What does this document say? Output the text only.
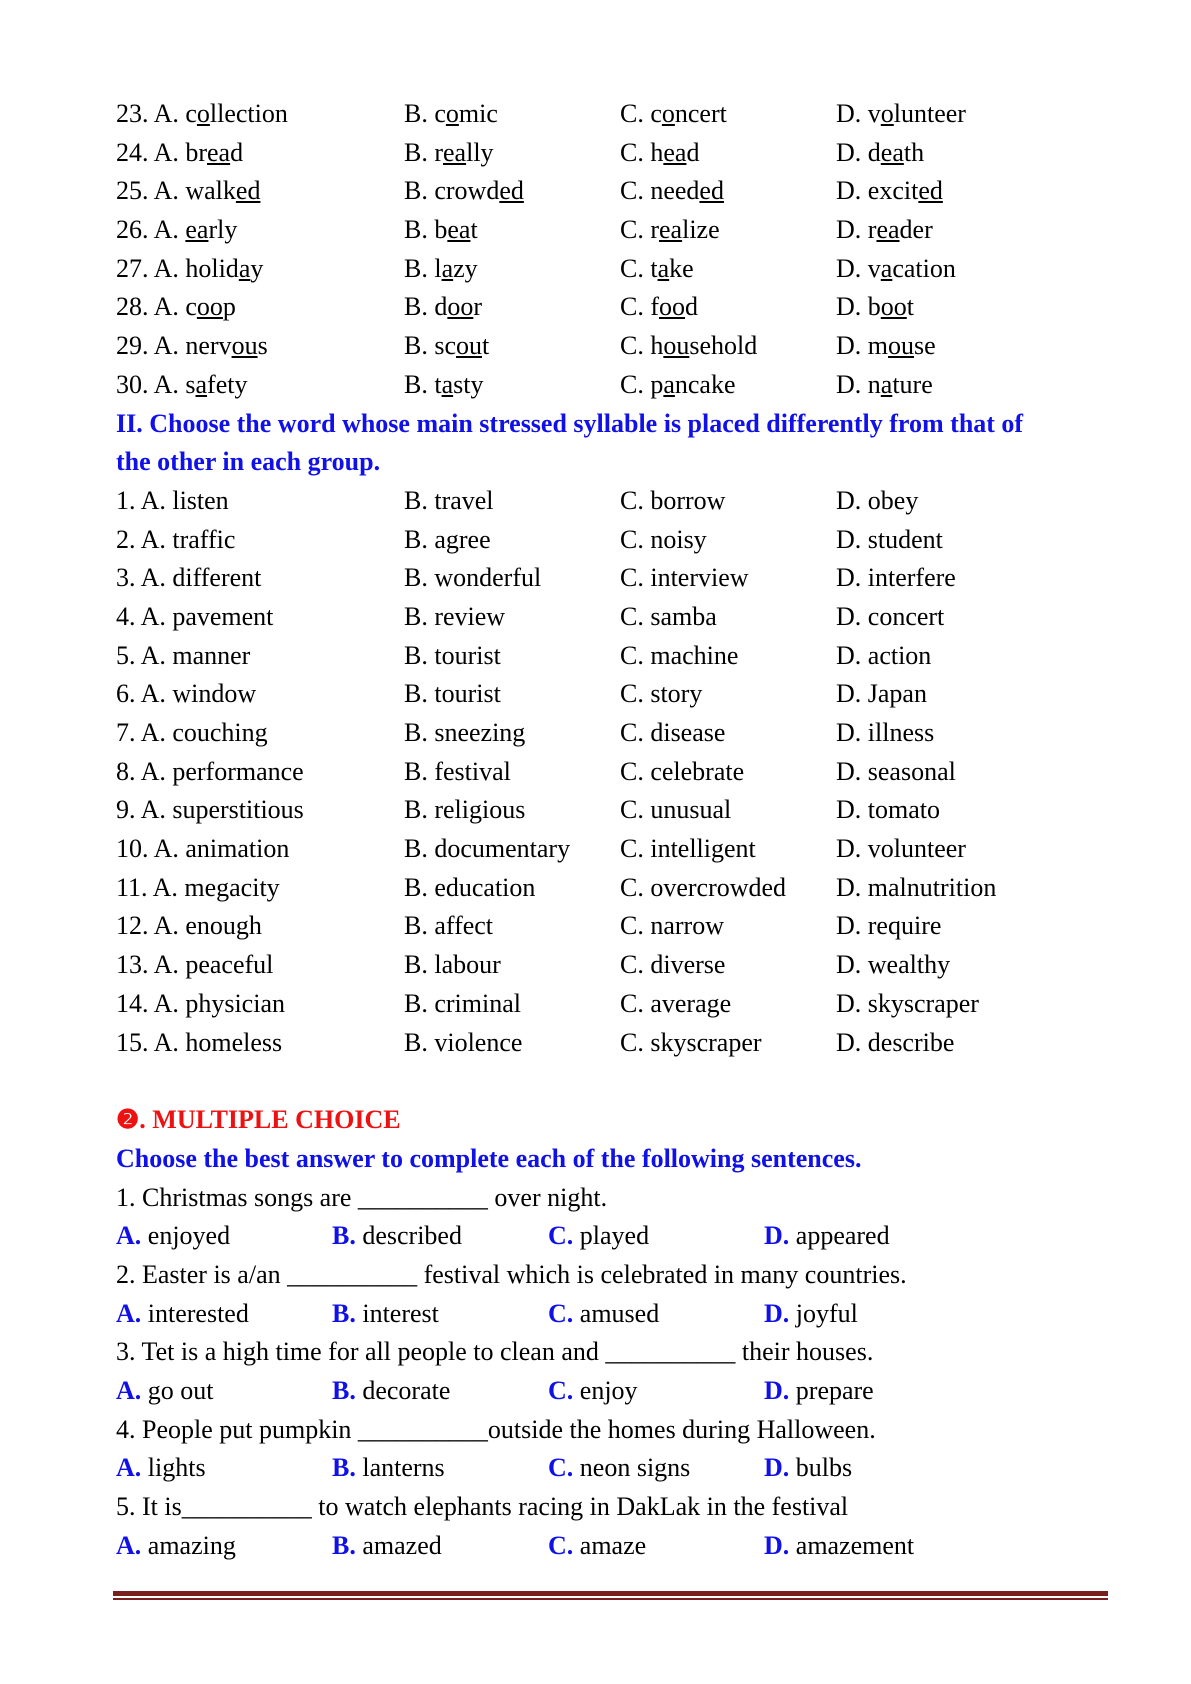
23. A. collection	B. comic	C. concert	D. volunteer
24. A. bread	B. really	C. head	D. death
25. A. walked	B. crowded	C. needed	D. excited
26. A. early	B. beat	C. realize	D. reader
27. A. holiday	B. lazy	C. take	D. vacation
28. A. coop	B. door	C. food	D. boot
29. A. nervous	B. scout	C. household	D. mouse
30. A. safety	B. tasty	C. pancake	D. nature
II. Choose the word whose main stressed syllable is placed differently from that of
the other in each group.
1. A. listen	B. travel	C. borrow	D. obey
2. A. traffic	B. agree	C. noisy	D. student
3. A. different	B. wonderful	C. interview	D. interfere
4. A. pavement	B. review	C. samba	D. concert
5. A. manner	B. tourist	C. machine	D. action
6. A. window	B. tourist	C. story	D. Japan
7. A. couching	B. sneezing	C. disease	D. illness
8. A. performance	B. festival	C. celebrate	D. seasonal
9. A. superstitious	B. religious	C. unusual	D. tomato
10. A. animation	B. documentary C. intelligent	D. volunteer
11. A. megacity	B. education	C. overcrowded D. malnutrition
12. A. enough	B. affect	C. narrow	D. require
13. A. peaceful	B. labour	C. diverse	D. wealthy
14. A. physician	B. criminal	C. average	D. skyscraper
15. A. homeless	B. violence	C. skyscraper	D. describe
❷. MULTIPLE CHOICE
Choose the best answer to complete each of the following sentences.
1. Christmas songs are __________ over night.
A. enjoyed	B. described	C. played	D. appeared
2. Easter is a/an __________ festival which is celebrated in many countries.
A. interested	B. interest	C. amused	D. joyful
3. Tet is a high time for all people to clean and __________ their houses.
A. go out	B. decorate	C. enjoy	D. prepare
4. People put pumpkin __________outside the homes during Halloween.
A. lights	B. lanterns	C. neon signs	D. bulbs
5. It is__________ to watch elephants racing in DakLak in the festival
A. amazing	B. amazed	C. amaze	D. amazement
